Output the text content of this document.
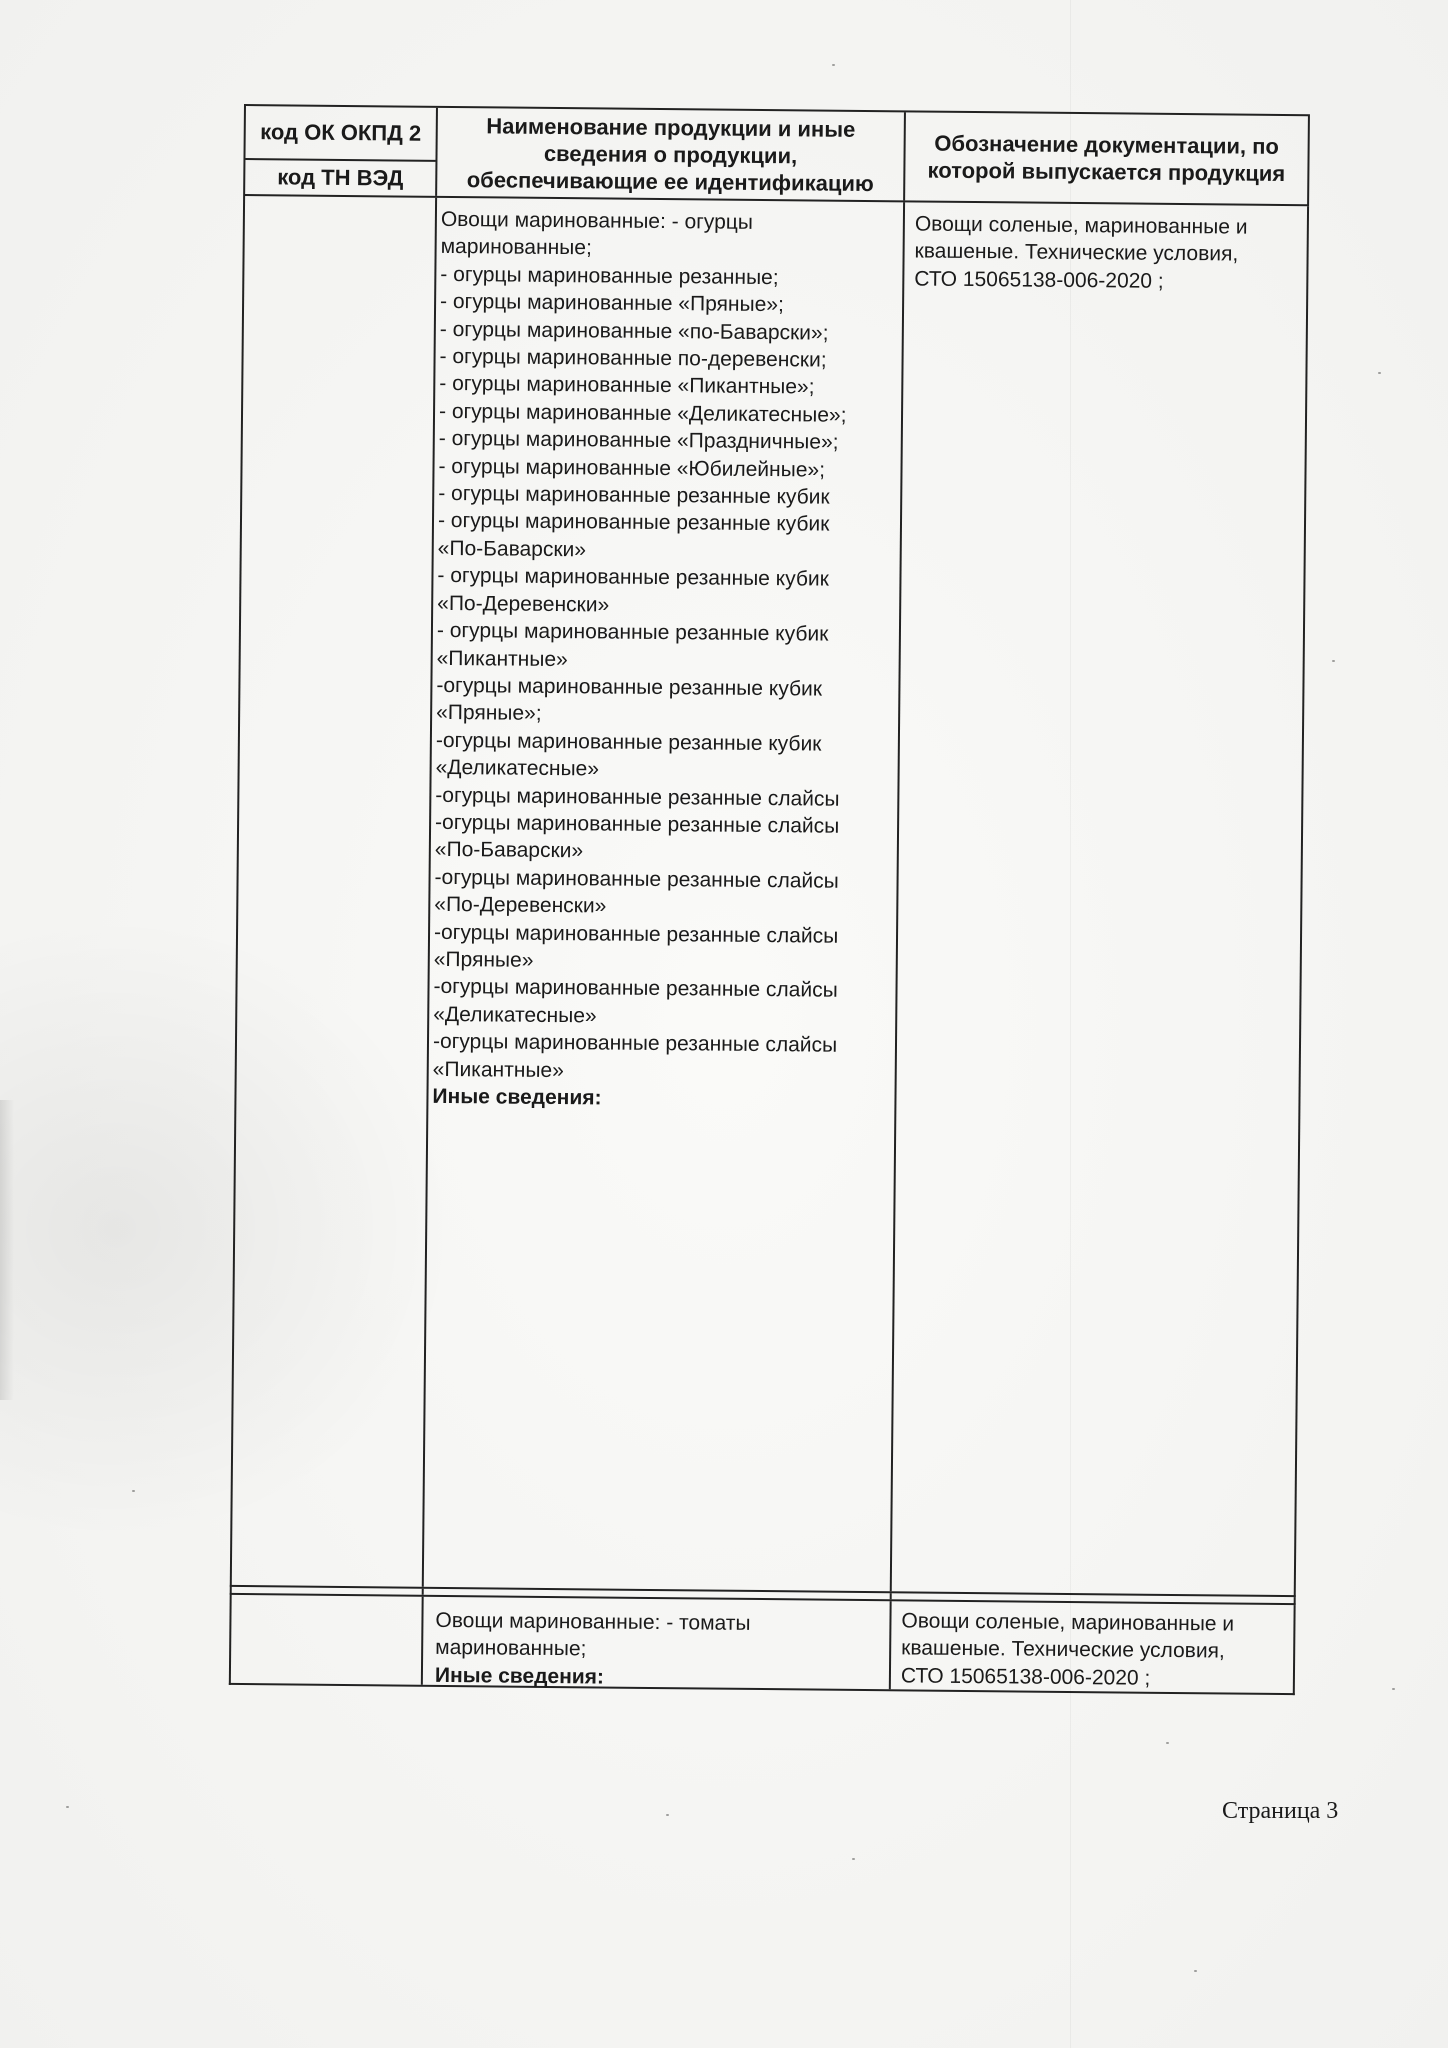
код ОК ОКПД 2
код ТН ВЭД
Наименование продукции и иные
сведения о продукции,
обеспечивающие ее идентификацию
Обозначение документации, по
которой выпускается продукция
Овощи маринованные: - огурцы
маринованные;
- огурцы маринованные резанные;
- огурцы маринованные «Пряные»;
- огурцы маринованные «по-Баварски»;
- огурцы маринованные по-деревенски;
- огурцы маринованные «Пикантные»;
- огурцы маринованные «Деликатесные»;
- огурцы маринованные «Праздничные»;
- огурцы маринованные «Юбилейные»;
- огурцы маринованные резанные кубик
- огурцы маринованные резанные кубик
«По-Баварски»
- огурцы маринованные резанные кубик
«По-Деревенски»
- огурцы маринованные резанные кубик
«Пикантные»
-огурцы маринованные резанные кубик
«Пряные»;
-огурцы маринованные резанные кубик
«Деликатесные»
-огурцы маринованные резанные слайсы
-огурцы маринованные резанные слайсы
«По-Баварски»
-огурцы маринованные резанные слайсы
«По-Деревенски»
-огурцы маринованные резанные слайсы
«Пряные»
-огурцы маринованные резанные слайсы
«Деликатесные»
-огурцы маринованные резанные слайсы
«Пикантные»
Иные сведения:
Овощи соленые, маринованные и
квашеные. Технические условия,
СТО 15065138-006-2020 ;
Овощи маринованные: - томаты
маринованные;
Иные сведения:
Овощи соленые, маринованные и
квашеные. Технические условия,
СТО 15065138-006-2020 ;
Страница 3
